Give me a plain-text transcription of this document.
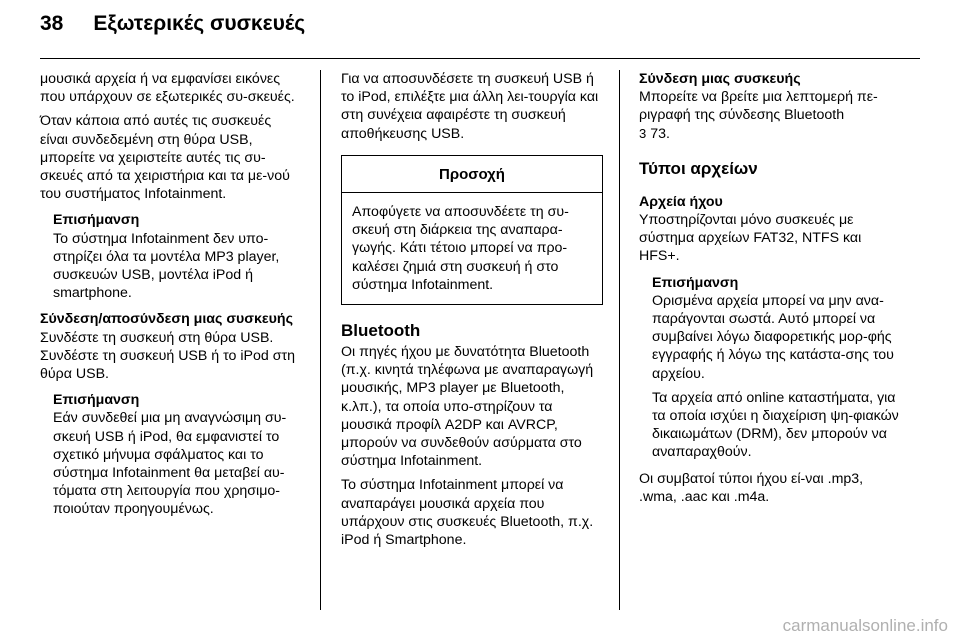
38 Εξωτερικές συσκευές

μουσικά αρχεία ή να εμφανίσει εικόνες που υπάρχουν σε εξωτερικές συ-σκευές.

Όταν κάποια από αυτές τις συσκευές είναι συνδεδεμένη στη θύρα USB, μπορείτε να χειριστείτε αυτές τις συ-σκευές από τα χειριστήρια και τα με-νού του συστήματος Infotainment.

Επισήμανση

Το σύστημα Infotainment δεν υπο-στηρίζει όλα τα μοντέλα MP3 player, συσκευών USB, μοντέλα iPod ή smartphone.

Σύνδεση/αποσύνδεση μιας συσκευής

Συνδέστε τη συσκευή στη θύρα USB.

Συνδέστε τη συσκευή USB ή το iPod στη θύρα USB.

Επισήμανση

Εάν συνδεθεί μια μη αναγνώσιμη συ-σκευή USB ή iPod, θα εμφανιστεί το σχετικό μήνυμα σφάλματος και το σύστημα Infotainment θα μεταβεί αυ-τόματα στη λειτουργία που χρησιμο-ποιούταν προηγουμένως.

Για να αποσυνδέσετε τη συσκευή USB ή το iPod, επιλέξτε μια άλλη λει-τουργία και στη συνέχεια αφαιρέστε τη συσκευή αποθήκευσης USB.

Προσοχή
Αποφύγετε να αποσυνδέετε τη συ-σκευή στη διάρκεια της αναπαρα-γωγής. Κάτι τέτοιο μπορεί να προ-καλέσει ζημιά στη συσκευή ή στο σύστημα Infotainment.
Bluetooth

Οι πηγές ήχου με δυνατότητα Bluetooth (π.χ. κινητά τηλέφωνα με αναπαραγωγή μουσικής, MP3 player με Bluetooth, κ.λπ.), τα οποία υπο-στηρίζουν τα μουσικά προφίλ A2DP και AVRCP, μπορούν να συνδεθούν ασύρματα στο σύστημα Infotainment.

Το σύστημα Infotainment μπορεί να αναπαράγει μουσικά αρχεία που υπάρχουν στις συσκευές Bluetooth, π.χ. iPod ή Smartphone.

Σύνδεση μιας συσκευής

Μπορείτε να βρείτε μια λεπτομερή πε-ριγραφή της σύνδεσης Bluetooth
3 73.

Τύποι αρχείων

Αρχεία ήχου

Υποστηρίζονται μόνο συσκευές με σύστημα αρχείων FAT32, NTFS και HFS+.

Επισήμανση

Ορισμένα αρχεία μπορεί να μην ανα-παράγονται σωστά. Αυτό μπορεί να συμβαίνει λόγω διαφορετικής μορ-φής εγγραφής ή λόγω της κατάστα-σης του αρχείου.

Τα αρχεία από online καταστήματα, για τα οποία ισχύει η διαχείριση ψη-φιακών δικαιωμάτων (DRM), δεν μπορούν να αναπαραχθούν.

Οι συμβατοί τύποι ήχου εί-ναι .mp3, .wma, .aac και .m4a.

carmanualsonline.info
